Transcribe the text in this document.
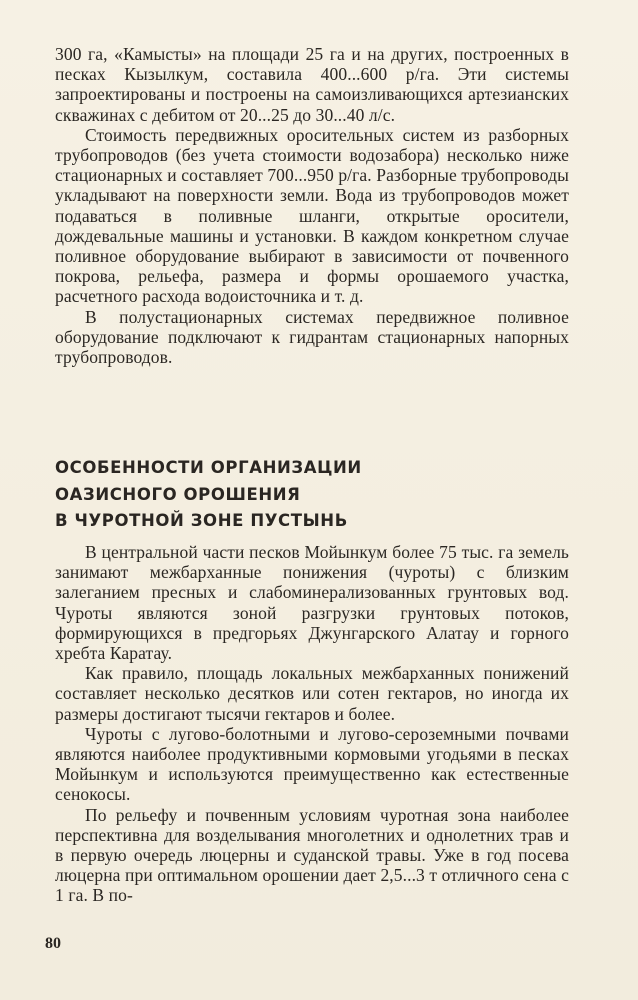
300 га, «Камысты» на площади 25 га и на других, построенных в песках Кызылкум, составила 400...600 р/га. Эти системы запроектированы и построены на самоизливающихся артезианских скважинах с дебитом от 20...25 до 30...40 л/с.

Стоимость передвижных оросительных систем из разборных трубопроводов (без учета стоимости водозабора) несколько ниже стационарных и составляет 700...950 р/га. Разборные трубопроводы укладывают на поверхности земли. Вода из трубопроводов может подаваться в поливные шланги, открытые оросители, дождевальные машины и установки. В каждом конкретном случае поливное оборудование выбирают в зависимости от почвенного покрова, рельефа, размера и формы орошаемого участка, расчетного расхода водоисточника и т. д.

В полустационарных системах передвижное поливное оборудование подключают к гидрантам стационарных напорных трубопроводов.

ОСОБЕННОСТИ ОРГАНИЗАЦИИ
ОАЗИСНОГО ОРОШЕНИЯ
В ЧУРОТНОЙ ЗОНЕ ПУСТЫНЬ

В центральной части песков Мойынкум более 75 тыс. га земель занимают межбарханные понижения (чуроты) с близким залеганием пресных и слабоминерализованных грунтовых вод. Чуроты являются зоной разгрузки грунтовых потоков, формирующихся в предгорьях Джунгарского Алатау и горного хребта Каратау.

Как правило, площадь локальных межбарханных понижений составляет несколько десятков или сотен гектаров, но иногда их размеры достигают тысячи гектаров и более.

Чуроты с лугово-болотными и лугово-сероземными почвами являются наиболее продуктивными кормовыми угодьями в песках Мойынкум и используются преимущественно как естественные сенокосы.

По рельефу и почвенным условиям чуротная зона наиболее перспективна для возделывания многолетних и однолетних трав и в первую очередь люцерны и суданской травы. Уже в год посева люцерна при оптимальном орошении дает 2,5...3 т отличного сена с 1 га. В по-

80
